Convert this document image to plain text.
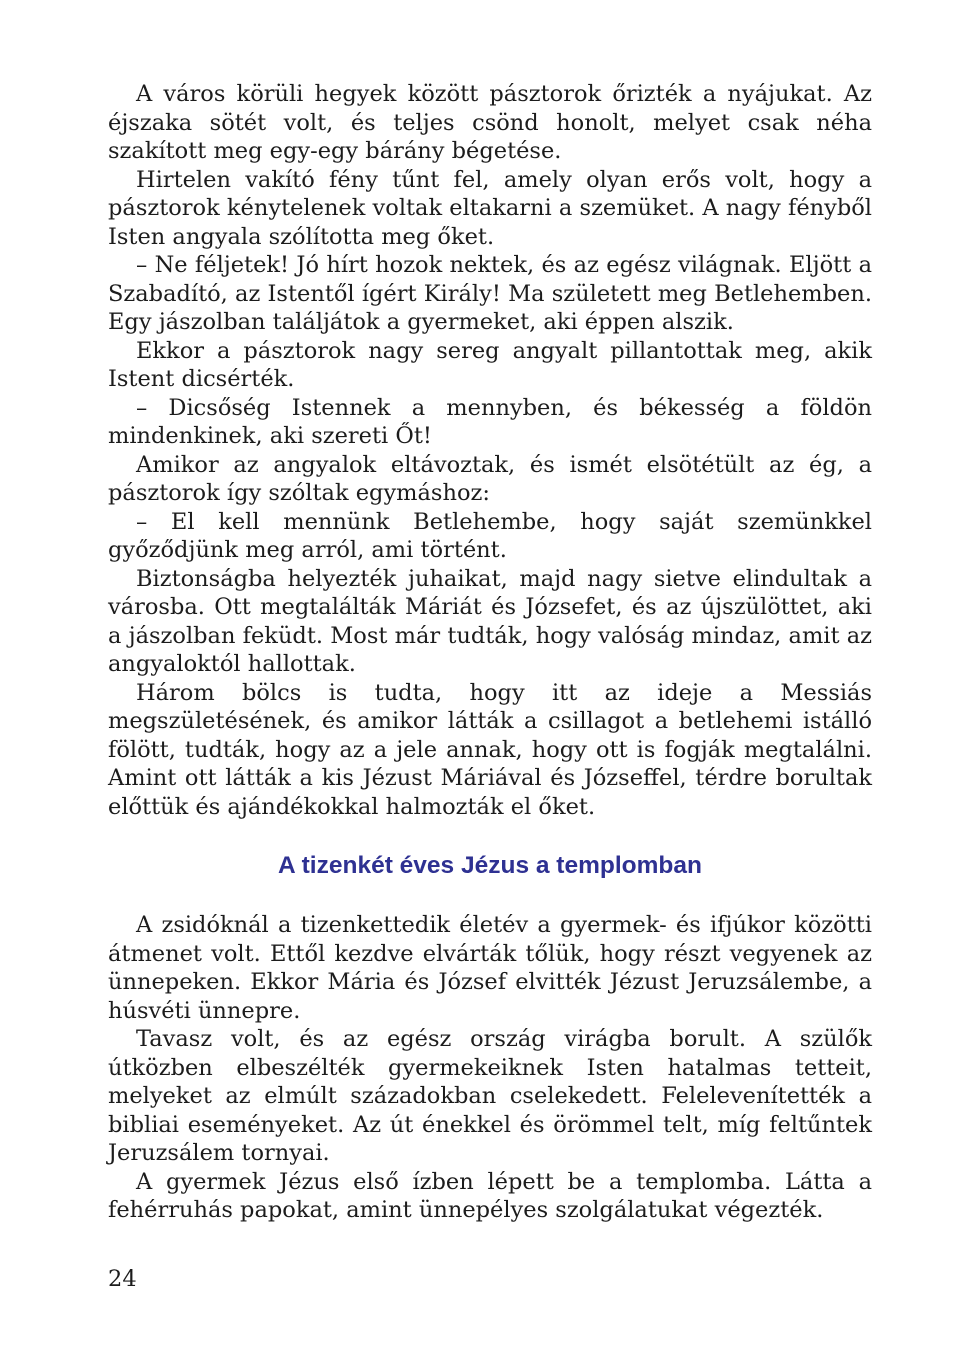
A város körüli hegyek között pásztorok őrizték a nyájukat. Az éjszaka sötét volt, és teljes csönd honolt, melyet csak néha szakított meg egy-egy bárány bégetése.

Hirtelen vakító fény tűnt fel, amely olyan erős volt, hogy a pásztorok kénytelenek voltak eltakarni a szemüket. A nagy fényből Isten angyala szólította meg őket.

– Ne féljetek! Jó hírt hozok nektek, és az egész világnak. Eljött a Szabadító, az Istentől ígért Király! Ma született meg Betlehemben. Egy jászolban találjátok a gyermeket, aki éppen alszik.

Ekkor a pásztorok nagy sereg angyalt pillantottak meg, akik Istent dicsérték.

– Dicsőség Istennek a mennyben, és békesség a földön mindenkinek, aki szereti Őt!

Amikor az angyalok eltávoztak, és ismét elsötétült az ég, a pásztorok így szóltak egymáshoz:

– El kell mennünk Betlehembe, hogy saját szemünkkel győződjünk meg arról, ami történt.

Biztonságba helyezték juhaikat, majd nagy sietve elindultak a városba. Ott megtalálták Máriát és Józsefet, és az újszülöttet, aki a jászolban feküdt. Most már tudták, hogy valóság mindaz, amit az angyaloktól hallottak.

Három bölcs is tudta, hogy itt az ideje a Messiás megszületésének, és amikor látták a csillagot a betlehemi istálló fölött, tudták, hogy az a jele annak, hogy ott is fogják megtalálni. Amint ott látták a kis Jézust Máriával és Józseffel, térdre borultak előttük és ajándékokkal halmozták el őket.

A tizenkét éves Jézus a templomban

A zsidóknál a tizenkettedik életév a gyermek- és ifjúkor közötti átmenet volt. Ettől kezdve elvárták tőlük, hogy részt vegyenek az ünnepeken. Ekkor Mária és József elvitték Jézust Jeruzsálembe, a húsvéti ünnepre.

Tavasz volt, és az egész ország virágba borult. A szülők útközben elbeszélték gyermekeiknek Isten hatalmas tetteit, melyeket az elmúlt századokban cselekedett. Felelevenítették a bibliai eseményeket. Az út énekkel és örömmel telt, míg feltűntek Jeruzsálem tornyai.

A gyermek Jézus első ízben lépett be a templomba. Látta a fehérruhás papokat, amint ünnepélyes szolgálatukat végezték.

24
